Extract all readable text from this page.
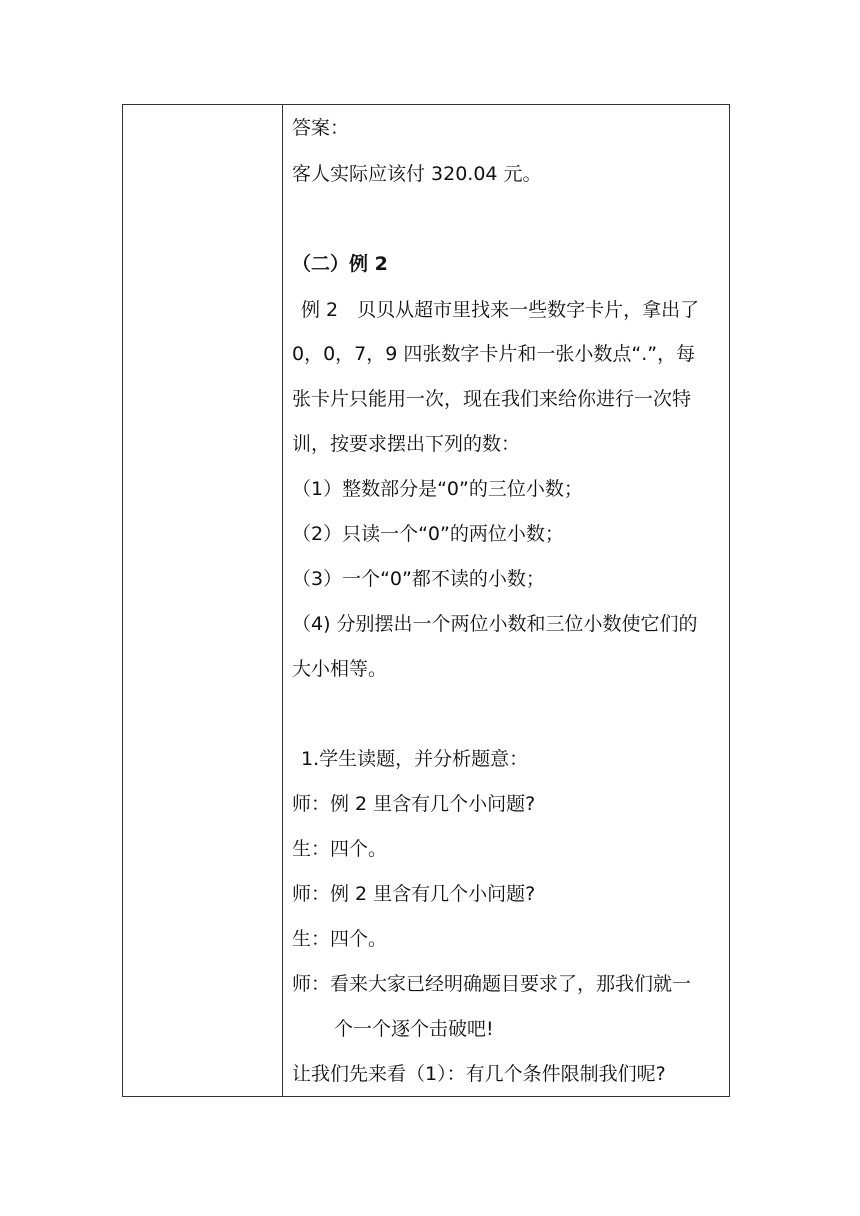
答案：
客人实际应该付 320.04 元。
（二）例 2
例 2　贝贝从超市里找来一些数字卡片，拿出了
0，0，7，9 四张数字卡片和一张小数点“.”，每
张卡片只能用一次，现在我们来给你进行一次特
训，按要求摆出下列的数：
（1）整数部分是“0”的三位小数；
（2）只读一个“0”的两位小数；
（3）一个“0”都不读的小数；
（4) 分别摆出一个两位小数和三位小数使它们的
大小相等。
1.学生读题，并分析题意：
师：例 2 里含有几个小问题?
生：四个。
师：例 2 里含有几个小问题?
生：四个。
师：看来大家已经明确题目要求了，那我们就一
个一个逐个击破吧!
让我们先来看（1）：有几个条件限制我们呢?
